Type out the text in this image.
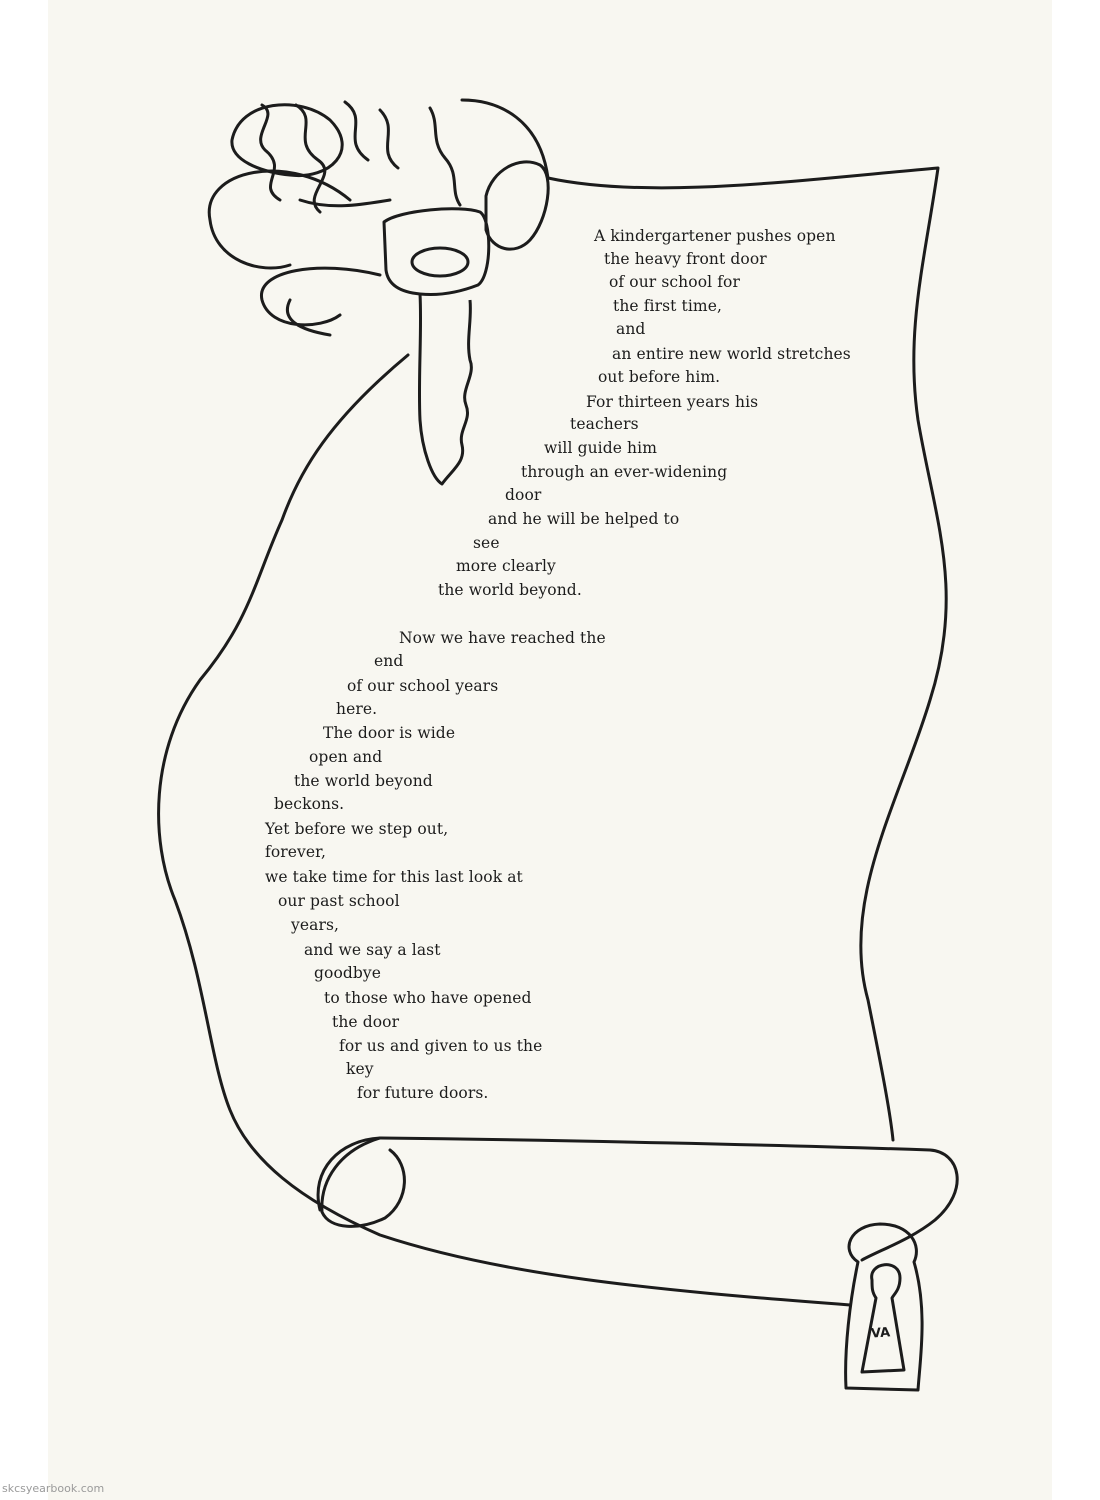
A kindergartener pushes open

the heavy front door

of our school for

the first time,

and

an entire new world stretches

out before him.

For thirteen years his

teachers

will guide him

through an ever-widening

door

and he will be helped to

see

more clearly

the world beyond.

Now we have reached the

end

of our school years

here.

The door is wide

open and

the world beyond

beckons.

Yet before we step out,

forever,

we take time for this last look at

our past school

years,

and we say a last

goodbye

to those who have opened

the door

for us and given to us the

key

for future doors.

VA
skcsyearbook.com
